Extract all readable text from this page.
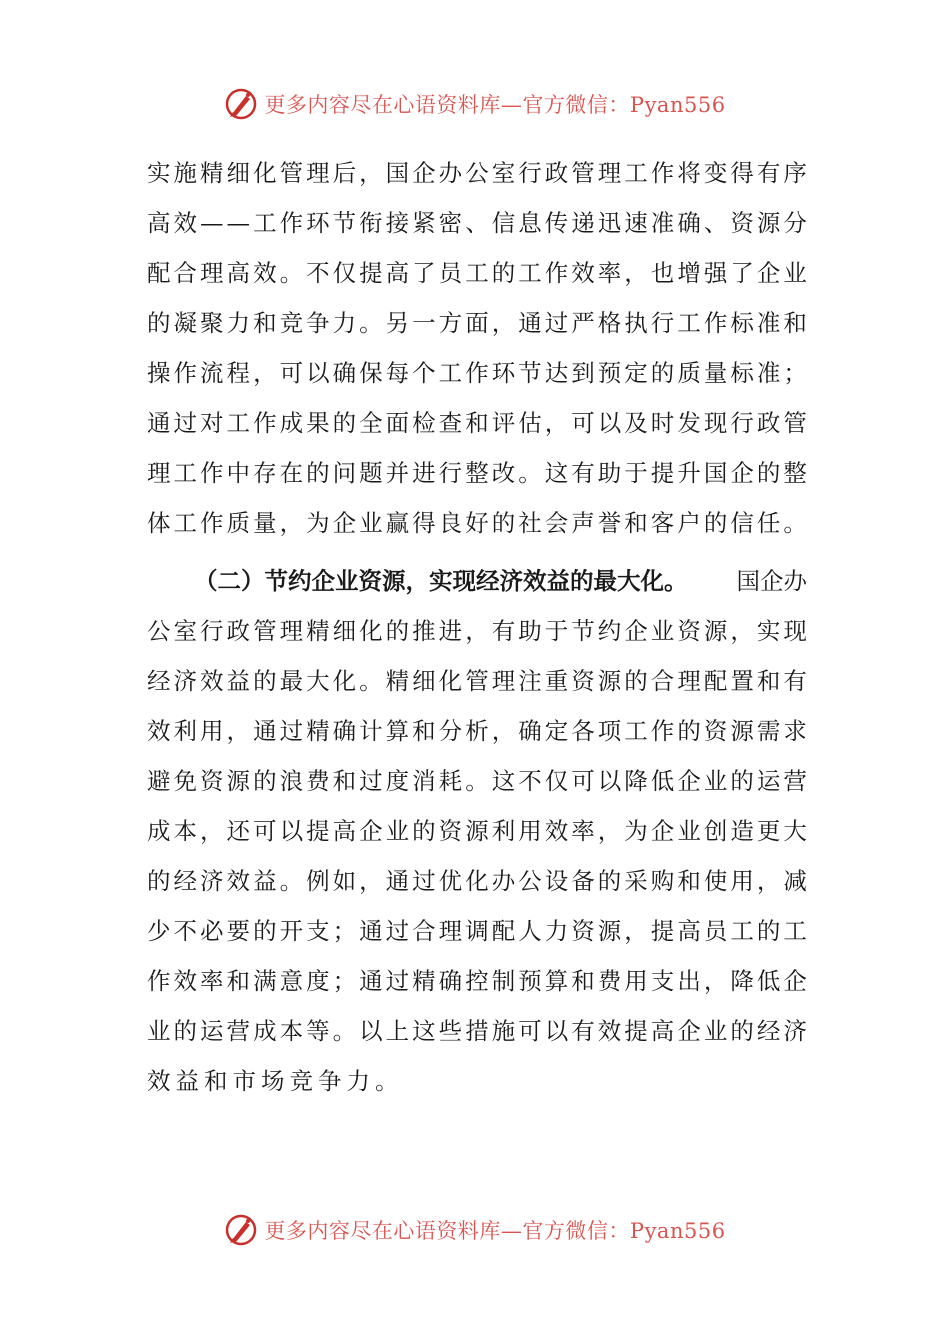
更多内容尽在心语资料库—官方微信：Pyan556
实 施 精 细 化 管 理 后 ， 国 企 办 公 室 行 政 管 理 工 作 将 变 得 有 序
高 效 — — 工 作 环 节 衔 接 紧 密 、 信 息 传 递 迅 速 准 确 、 资 源 分
配 合 理 高 效 。 不 仅 提 高 了 员 工 的 工 作 效 率 ， 也 增 强 了 企 业
的 凝 聚 力 和 竞 争 力 。 另 一 方 面 ， 通 过 严 格 执 行 工 作 标 准 和
操 作 流 程 ， 可 以 确 保 每 个 工 作 环 节 达 到 预 定 的 质 量 标 准 ；
通 过 对 工 作 成 果 的 全 面 检 查 和 评 估 ， 可 以 及 时 发 现 行 政 管
理 工 作 中 存 在 的 问 题 并 进 行 整 改 。 这 有 助 于 提 升 国 企 的 整
体 工 作 质 量 ， 为 企 业 赢 得 良 好 的 社 会 声 誉 和 客 户 的 信 任 。
（二）节约企业资源，实现经济效益的最大化。 国企办
公 室 行 政 管 理 精 细 化 的 推 进 ， 有 助 于 节 约 企 业 资 源 ， 实 现
经 济 效 益 的 最 大 化 。 精 细 化 管 理 注 重 资 源 的 合 理 配 置 和 有
效 利 用 ， 通 过 精 确 计 算 和 分 析 ， 确 定 各 项 工 作 的 资 源 需 求
避 免 资 源 的 浪 费 和 过 度 消 耗 。 这 不 仅 可 以 降 低 企 业 的 运 营
成 本 ， 还 可 以 提 高 企 业 的 资 源 利 用 效 率 ， 为 企 业 创 造 更 大
的 经 济 效 益 。 例 如 ， 通 过 优 化 办 公 设 备 的 采 购 和 使 用 ， 减
少 不 必 要 的 开 支 ； 通 过 合 理 调 配 人 力 资 源 ， 提 高 员 工 的 工
作 效 率 和 满 意 度 ； 通 过 精 确 控 制 预 算 和 费 用 支 出 ， 降 低 企
业 的 运 营 成 本 等 。 以 上 这 些 措 施 可 以 有 效 提 高 企 业 的 经 济
效益和市场竞争力。
更多内容尽在心语资料库—官方微信：Pyan556
